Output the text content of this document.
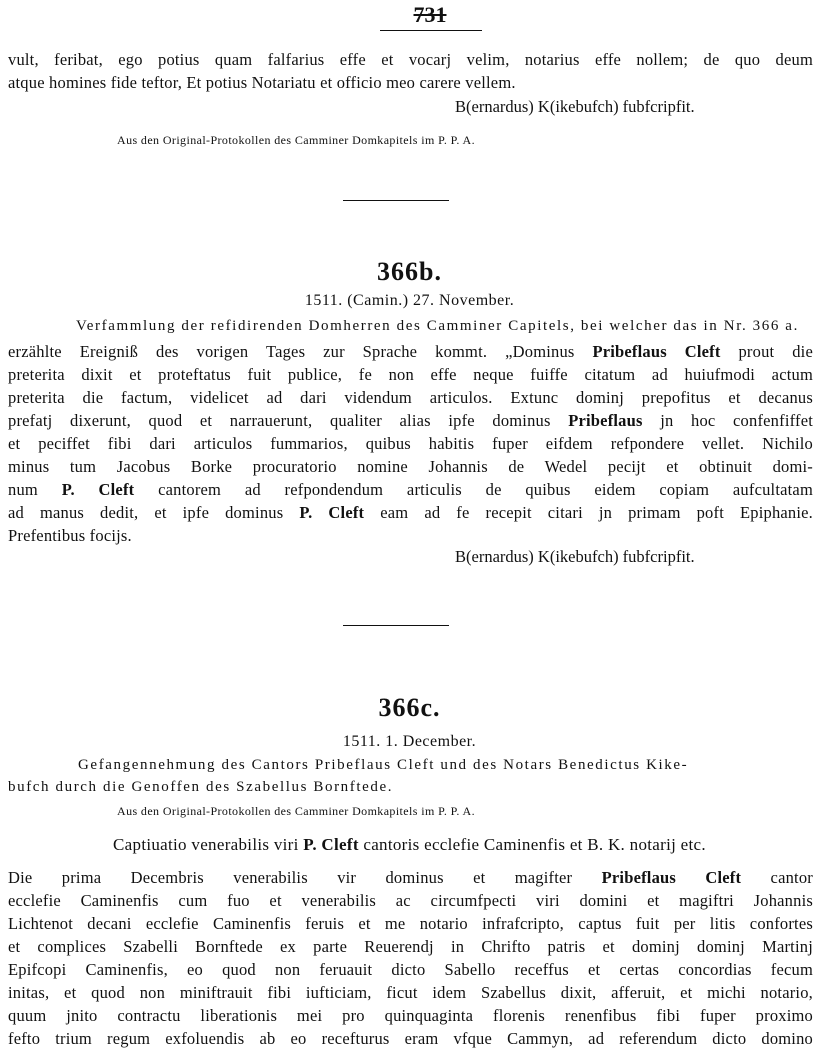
731
vult, feribat, ego potius quam falfarius effe et vocarj velim, notarius effe nollem; de quo deum
atque homines fide teftor, Et potius Notariatu et officio meo carere vellem.
B(ernardus) K(ikebufch) fubfcripfit.
Aus den Original-Protokollen des Camminer Domkapitels im P. P. A.
366b.
1511. (Camin.) 27. November.
Verfammlung der refidirenden Domherren des Camminer Capitels, bei welcher das in Nr. 366 a.
erzählte Ereigniß des vorigen Tages zur Sprache kommt. „Dominus Pribeflaus Cleft prout die
preterita dixit et proteftatus fuit publice, fe non effe neque fuiffe citatum ad huiufmodi actum
preterita die factum, videlicet ad dari videndum articulos. Extunc dominj prepofitus et decanus
prefatj dixerunt, quod et narrauerunt, qualiter alias ipfe dominus Pribeflaus jn hoc confenfiffet
et peciffet fibi dari articulos fummarios, quibus habitis fuper eifdem refpondere vellet. Nichilo
minus tum Jacobus Borke procuratorio nomine Johannis de Wedel pecijt et obtinuit domi-
num P. Cleft cantorem ad refpondendum articulis de quibus eidem copiam aufcultatam
ad manus dedit, et ipfe dominus P. Cleft eam ad fe recepit citari jn primam poft Epiphanie.
Prefentibus focijs.
B(ernardus) K(ikebufch) fubfcripfit.
366c.
1511. 1. December.
Gefangennehmung des Cantors Pribeflaus Cleft und des Notars Benedictus Kike-
bufch durch die Genoffen des Szabellus Bornftede.
Aus den Original-Protokollen des Camminer Domkapitels im P. P. A.
Captiuatio venerabilis viri P. Cleft cantoris ecclefie Caminenfis et B. K. notarij etc.
Die prima Decembris venerabilis vir dominus et magifter Pribeflaus Cleft cantor
ecclefie Caminenfis cum fuo et venerabilis ac circumfpecti viri domini et magiftri Johannis
Lichtenot decani ecclefie Caminenfis feruis et me notario infrafcripto, captus fuit per litis confortes
et complices Szabelli Bornftede ex parte Reuerendj in Chrifto patris et dominj dominj Martinj
Epifcopi Caminenfis, eo quod non feruauit dicto Sabello receffus et certas concordias fecum
initas, et quod non miniftrauit fibi iufticiam, ficut idem Szabellus dixit, afferuit, et michi notario,
quum jnito contractu liberationis mei pro quinquaginta florenis renenfibus fibi fuper proximo
fefto trium regum exfoluendis ab eo recefturus eram vfque Cammyn, ad referendum dicto domino
